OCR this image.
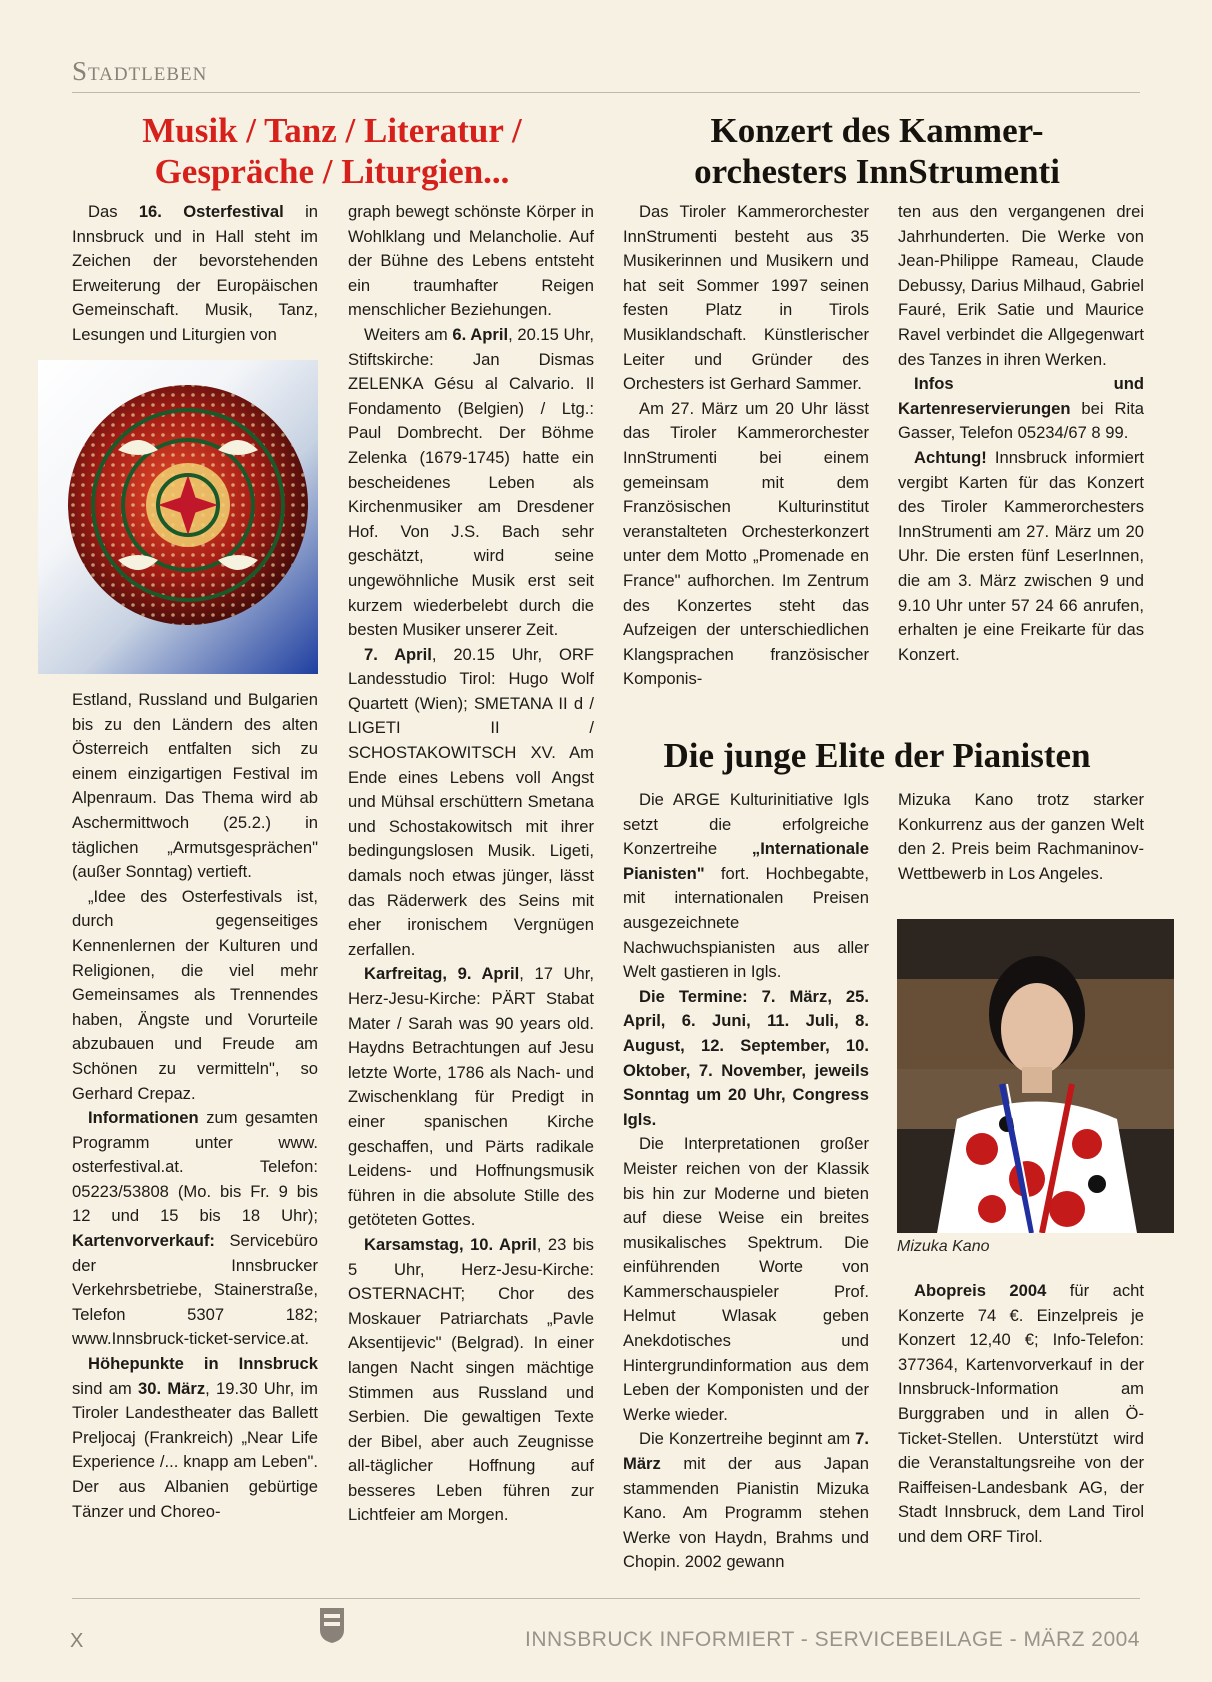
Stadtleben
Musik / Tanz / Literatur /
Gespräche / Liturgien...
Konzert des Kammer-
orchesters InnStrumenti

Das 16. Osterfestival in Innsbruck und in Hall steht im Zeichen der bevorstehenden Erweiterung der Europäischen Gemeinschaft. Musik, Tanz, Lesungen und Liturgien von

Estland, Russland und Bulgarien bis zu den Ländern des alten Österreich entfalten sich zu einem einzigartigen Festival im Alpenraum. Das Thema wird ab Aschermittwoch (25.2.) in täglichen „Armutsgesprächen" (außer Sonntag) vertieft.

„Idee des Osterfestivals ist, durch gegenseitiges Kennenlernen der Kulturen und Religionen, die viel mehr Gemeinsames als Trennendes haben, Ängste und Vorurteile abzubauen und Freude am Schönen zu vermitteln", so Gerhard Crepaz.

Informationen zum gesamten Programm unter www. osterfestival.at. Telefon: 05223/53808 (Mo. bis Fr. 9 bis 12 und 15 bis 18 Uhr); Kartenvorverkauf: Servicebüro der Innsbrucker Verkehrsbetriebe, Stainerstraße, Telefon 5307 182; www.Innsbruck-ticket-service.at.

Höhepunkte in Innsbruck sind am 30. März, 19.30 Uhr, im Tiroler Landestheater das Ballett Preljocaj (Frankreich) „Near Life Experience /... knapp am Leben". Der aus Albanien gebürtige Tänzer und Choreo-

graph bewegt schönste Körper in Wohlklang und Melancholie. Auf der Bühne des Lebens entsteht ein traumhafter Reigen menschlicher Beziehungen.

Weiters am 6. April, 20.15 Uhr, Stiftskirche: Jan Dismas ZELENKA Gésu al Calvario. Il Fondamento (Belgien) / Ltg.: Paul Dombrecht. Der Böhme Zelenka (1679-1745) hatte ein bescheidenes Leben als Kirchenmusiker am Dresdener Hof. Von J.S. Bach sehr geschätzt, wird seine ungewöhnliche Musik erst seit kurzem wiederbelebt durch die besten Musiker unserer Zeit.

7. April, 20.15 Uhr, ORF Landesstudio Tirol: Hugo Wolf Quartett (Wien); SMETANA II d / LIGETI II / SCHOSTAKOWITSCH XV. Am Ende eines Lebens voll Angst und Mühsal erschüttern Smetana und Schostakowitsch mit ihrer bedingungslosen Musik. Ligeti, damals noch etwas jünger, lässt das Räderwerk des Seins mit eher ironischem Vergnügen zerfallen.

Karfreitag, 9. April, 17 Uhr, Herz-Jesu-Kirche: PÄRT Stabat Mater / Sarah was 90 years old. Haydns Betrachtungen auf Jesu letzte Worte, 1786 als Nach- und Zwischenklang für Predigt in einer spanischen Kirche geschaffen, und Pärts radikale Leidens- und Hoffnungsmusik führen in die absolute Stille des getöteten Gottes.

Karsamstag, 10. April, 23 bis 5 Uhr, Herz-Jesu-Kirche: OSTERNACHT; Chor des Moskauer Patriarchats „Pavle Aksentijevic" (Belgrad). In einer langen Nacht singen mächtige Stimmen aus Russland und Serbien. Die gewaltigen Texte der Bibel, aber auch Zeugnisse all-täglicher Hoffnung auf besseres Leben führen zur Lichtfeier am Morgen.

Das Tiroler Kammerorchester InnStrumenti besteht aus 35 Musikerinnen und Musikern und hat seit Sommer 1997 seinen festen Platz in Tirols Musiklandschaft. Künstlerischer Leiter und Gründer des Orchesters ist Gerhard Sammer.

Am 27. März um 20 Uhr lässt das Tiroler Kammerorchester InnStrumenti bei einem gemeinsam mit dem Französischen Kulturinstitut veranstalteten Orchesterkonzert unter dem Motto „Promenade en France" aufhorchen. Im Zentrum des Konzertes steht das Aufzeigen der unterschiedlichen Klangsprachen französischer Komponis-

ten aus den vergangenen drei Jahrhunderten. Die Werke von Jean-Philippe Rameau, Claude Debussy, Darius Milhaud, Gabriel Fauré, Erik Satie und Maurice Ravel verbindet die Allgegenwart des Tanzes in ihren Werken.

Infos und Kartenreservierungen bei Rita Gasser, Telefon 05234/67 8 99.

Achtung! Innsbruck informiert vergibt Karten für das Konzert des Tiroler Kammerorchesters InnStrumenti am 27. März um 20 Uhr. Die ersten fünf LeserInnen, die am 3. März zwischen 9 und 9.10 Uhr unter 57 24 66 anrufen, erhalten je eine Freikarte für das Konzert.

Die junge Elite der Pianisten

Die ARGE Kulturinitiative Igls setzt die erfolgreiche Konzertreihe „Internationale Pianisten" fort. Hochbegabte, mit internationalen Preisen ausgezeichnete Nachwuchspianisten aus aller Welt gastieren in Igls.

Die Termine: 7. März, 25. April, 6. Juni, 11. Juli, 8. August, 12. September, 10. Oktober, 7. November, jeweils Sonntag um 20 Uhr, Congress Igls.

Die Interpretationen großer Meister reichen von der Klassik bis hin zur Moderne und bieten auf diese Weise ein breites musikalisches Spektrum. Die einführenden Worte von Kammerschauspieler Prof. Helmut Wlasak geben Anekdotisches und Hintergrundinformation aus dem Leben der Komponisten und der Werke wieder.

Die Konzertreihe beginnt am 7. März mit der aus Japan stammenden Pianistin Mizuka Kano. Am Programm stehen Werke von Haydn, Brahms und Chopin. 2002 gewann

Mizuka Kano trotz starker Konkurrenz aus der ganzen Welt den 2. Preis beim Rachmaninov-Wettbewerb in Los Angeles.

Mizuka Kano

Abopreis 2004 für acht Konzerte 74 €. Einzelpreis je Konzert 12,40 €; Info-Telefon: 377364, Kartenvorverkauf in der Innsbruck-Information am Burggraben und in allen Ö-Ticket-Stellen. Unterstützt wird die Veranstaltungsreihe von der Raiffeisen-Landesbank AG, der Stadt Innsbruck, dem Land Tirol und dem ORF Tirol.

X	INNSBRUCK INFORMIERT - SERVICEBEILAGE - MÄRZ 2004
